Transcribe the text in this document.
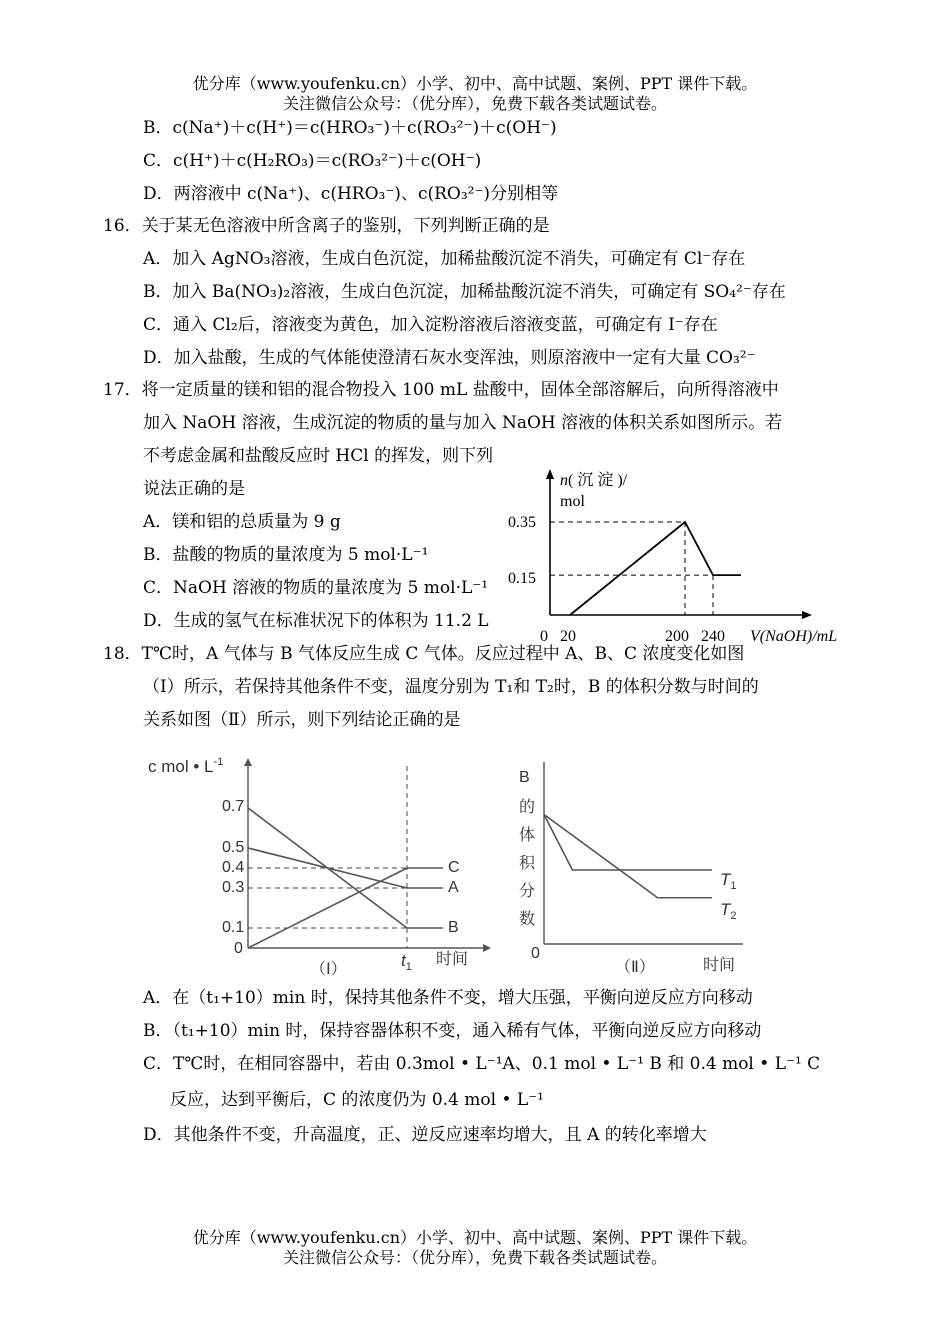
优分库（www.youfenku.cn）小学、初中、高中试题、案例、PPT 课件下载。
关注微信公众号：（优分库），免费下载各类试题试卷。
B．c(Na⁺)＋c(H⁺)＝c(HRO₃⁻)＋c(RO₃²⁻)＋c(OH⁻)
C．c(H⁺)＋c(H₂RO₃)＝c(RO₃²⁻)＋c(OH⁻)
D．两溶液中 c(Na⁺)、c(HRO₃⁻)、c(RO₃²⁻)分别相等
16．关于某无色溶液中所含离子的鉴别，下列判断正确的是
A．加入 AgNO₃溶液，生成白色沉淀，加稀盐酸沉淀不消失，可确定有 Cl⁻存在
B．加入 Ba(NO₃)₂溶液，生成白色沉淀，加稀盐酸沉淀不消失，可确定有 SO₄²⁻存在
C．通入 Cl₂后，溶液变为黄色，加入淀粉溶液后溶液变蓝，可确定有 I⁻存在
D．加入盐酸，生成的气体能使澄清石灰水变浑浊，则原溶液中一定有大量 CO₃²⁻
17．将一定质量的镁和铝的混合物投入 100 mL 盐酸中，固体全部溶解后，向所得溶液中
加入 NaOH 溶液，生成沉淀的物质的量与加入 NaOH 溶液的体积关系如图所示。若
不考虑金属和盐酸反应时 HCl 的挥发，则下列
说法正确的是
A．镁和铝的总质量为 9 g
B．盐酸的物质的量浓度为 5 mol·L⁻¹
C．NaOH 溶液的物质的量浓度为 5 mol·L⁻¹
D．生成的氢气在标准状况下的体积为 11.2 L
n( 沉 淀 )/
mol
0.35
0.15
0 20	200 240 V(NaOH)/mL
18．T℃时，A 气体与 B 气体反应生成 C 气体。反应过程中 A、B、C 浓度变化如图
（Ⅰ）所示，若保持其他条件不变，温度分别为 T₁和 T₂时，B 的体积分数与时间的
关系如图（Ⅱ）所示，则下列结论正确的是
c mol • $L^{-1}$
0.7
0.5
0.4
0.3
0.1
0
C
A
B
$t_1$ 时间
（Ⅰ）
B
的
体
积
分
数
0
时间
（Ⅱ）
$T_1$
$T_2$
A．在（t₁+10）min 时，保持其他条件不变，增大压强，平衡向逆反应方向移动
B．（t₁+10）min 时，保持容器体积不变，通入稀有气体，平衡向逆反应方向移动
C．T℃时，在相同容器中，若由 0.3mol • L⁻¹A、0.1 mol • L⁻¹ B 和 0.4 mol • L⁻¹ C
反应，达到平衡后，C 的浓度仍为 0.4 mol • L⁻¹
D．其他条件不变，升高温度，正、逆反应速率均增大，且 A 的转化率增大
优分库（www.youfenku.cn）小学、初中、高中试题、案例、PPT 课件下载。
关注微信公众号：（优分库），免费下载各类试题试卷。
